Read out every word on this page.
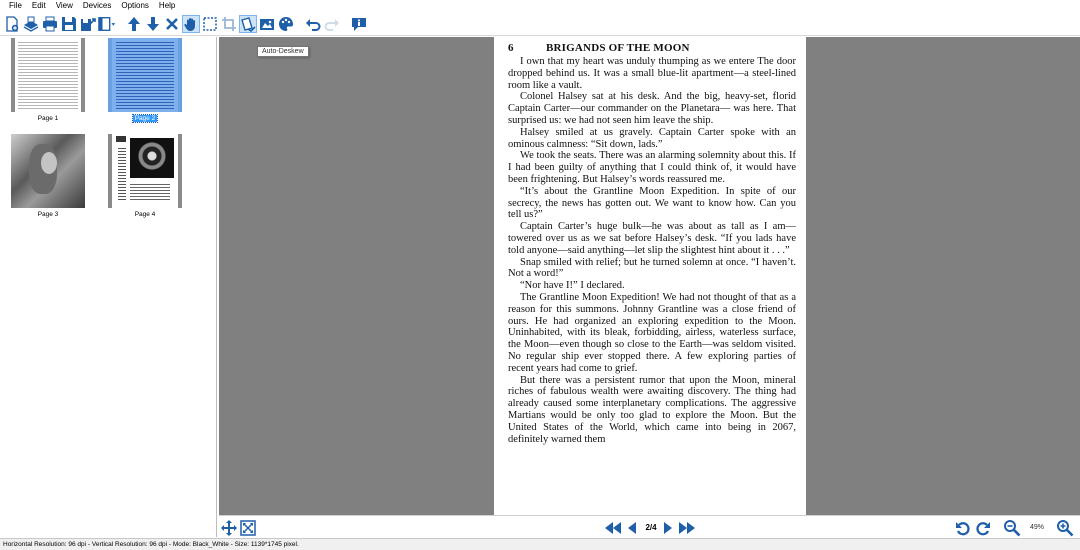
File	Edit	View	Devices	Options	Help
Page 1	Page 2
Page 3	Page 4
6	BRIGANDS OF THE MOON

I own that my heart was unduly thumping as we entere The door dropped behind us. It was a small blue-lit apartment—a steel-lined room like a vault.

Colonel Halsey sat at his desk. And the big, heavy-set, florid Captain Carter—our commander on the Planetara— was here. That surprised us: we had not seen him leave the ship.

Halsey smiled at us gravely. Captain Carter spoke with an ominous calmness: “Sit down, lads.”

We took the seats. There was an alarming solemnity about this. If I had been guilty of anything that I could think of, it would have been frightening. But Halsey’s words reassured me.

“It’s about the Grantline Moon Expedition. In spite of our secrecy, the news has gotten out. We want to know how. Can you tell us?”

Captain Carter’s huge bulk—he was about as tall as I am—towered over us as we sat before Halsey’s desk. “If you lads have told anyone—said anything—let slip the slightest hint about it . . .”

Snap smiled with relief; but he turned solemn at once. “I haven’t. Not a word!”

“Nor have I!” I declared.

The Grantline Moon Expedition! We had not thought of that as a reason for this summons. Johnny Grantline was a close friend of ours. He had organized an exploring expedition to the Moon. Uninhabited, with its bleak, forbidding, airless, waterless surface, the Moon—even though so close to the Earth—was seldom visited. No regular ship ever stopped there. A few exploring parties of recent years had come to grief.

But there was a persistent rumor that upon the Moon, mineral riches of fabulous wealth were awaiting discovery. The thing had already caused some interplanetary complications. The aggressive Martians would be only too glad to explore the Moon. But the United States of the World, which came into being in 2067, definitely warned them

Auto-Deskew
2/4	49%
Horizontal Resolution: 96 dpi - Vertical Resolution: 96 dpi - Mode: Black_White - Size: 1139*1745 pixel.
